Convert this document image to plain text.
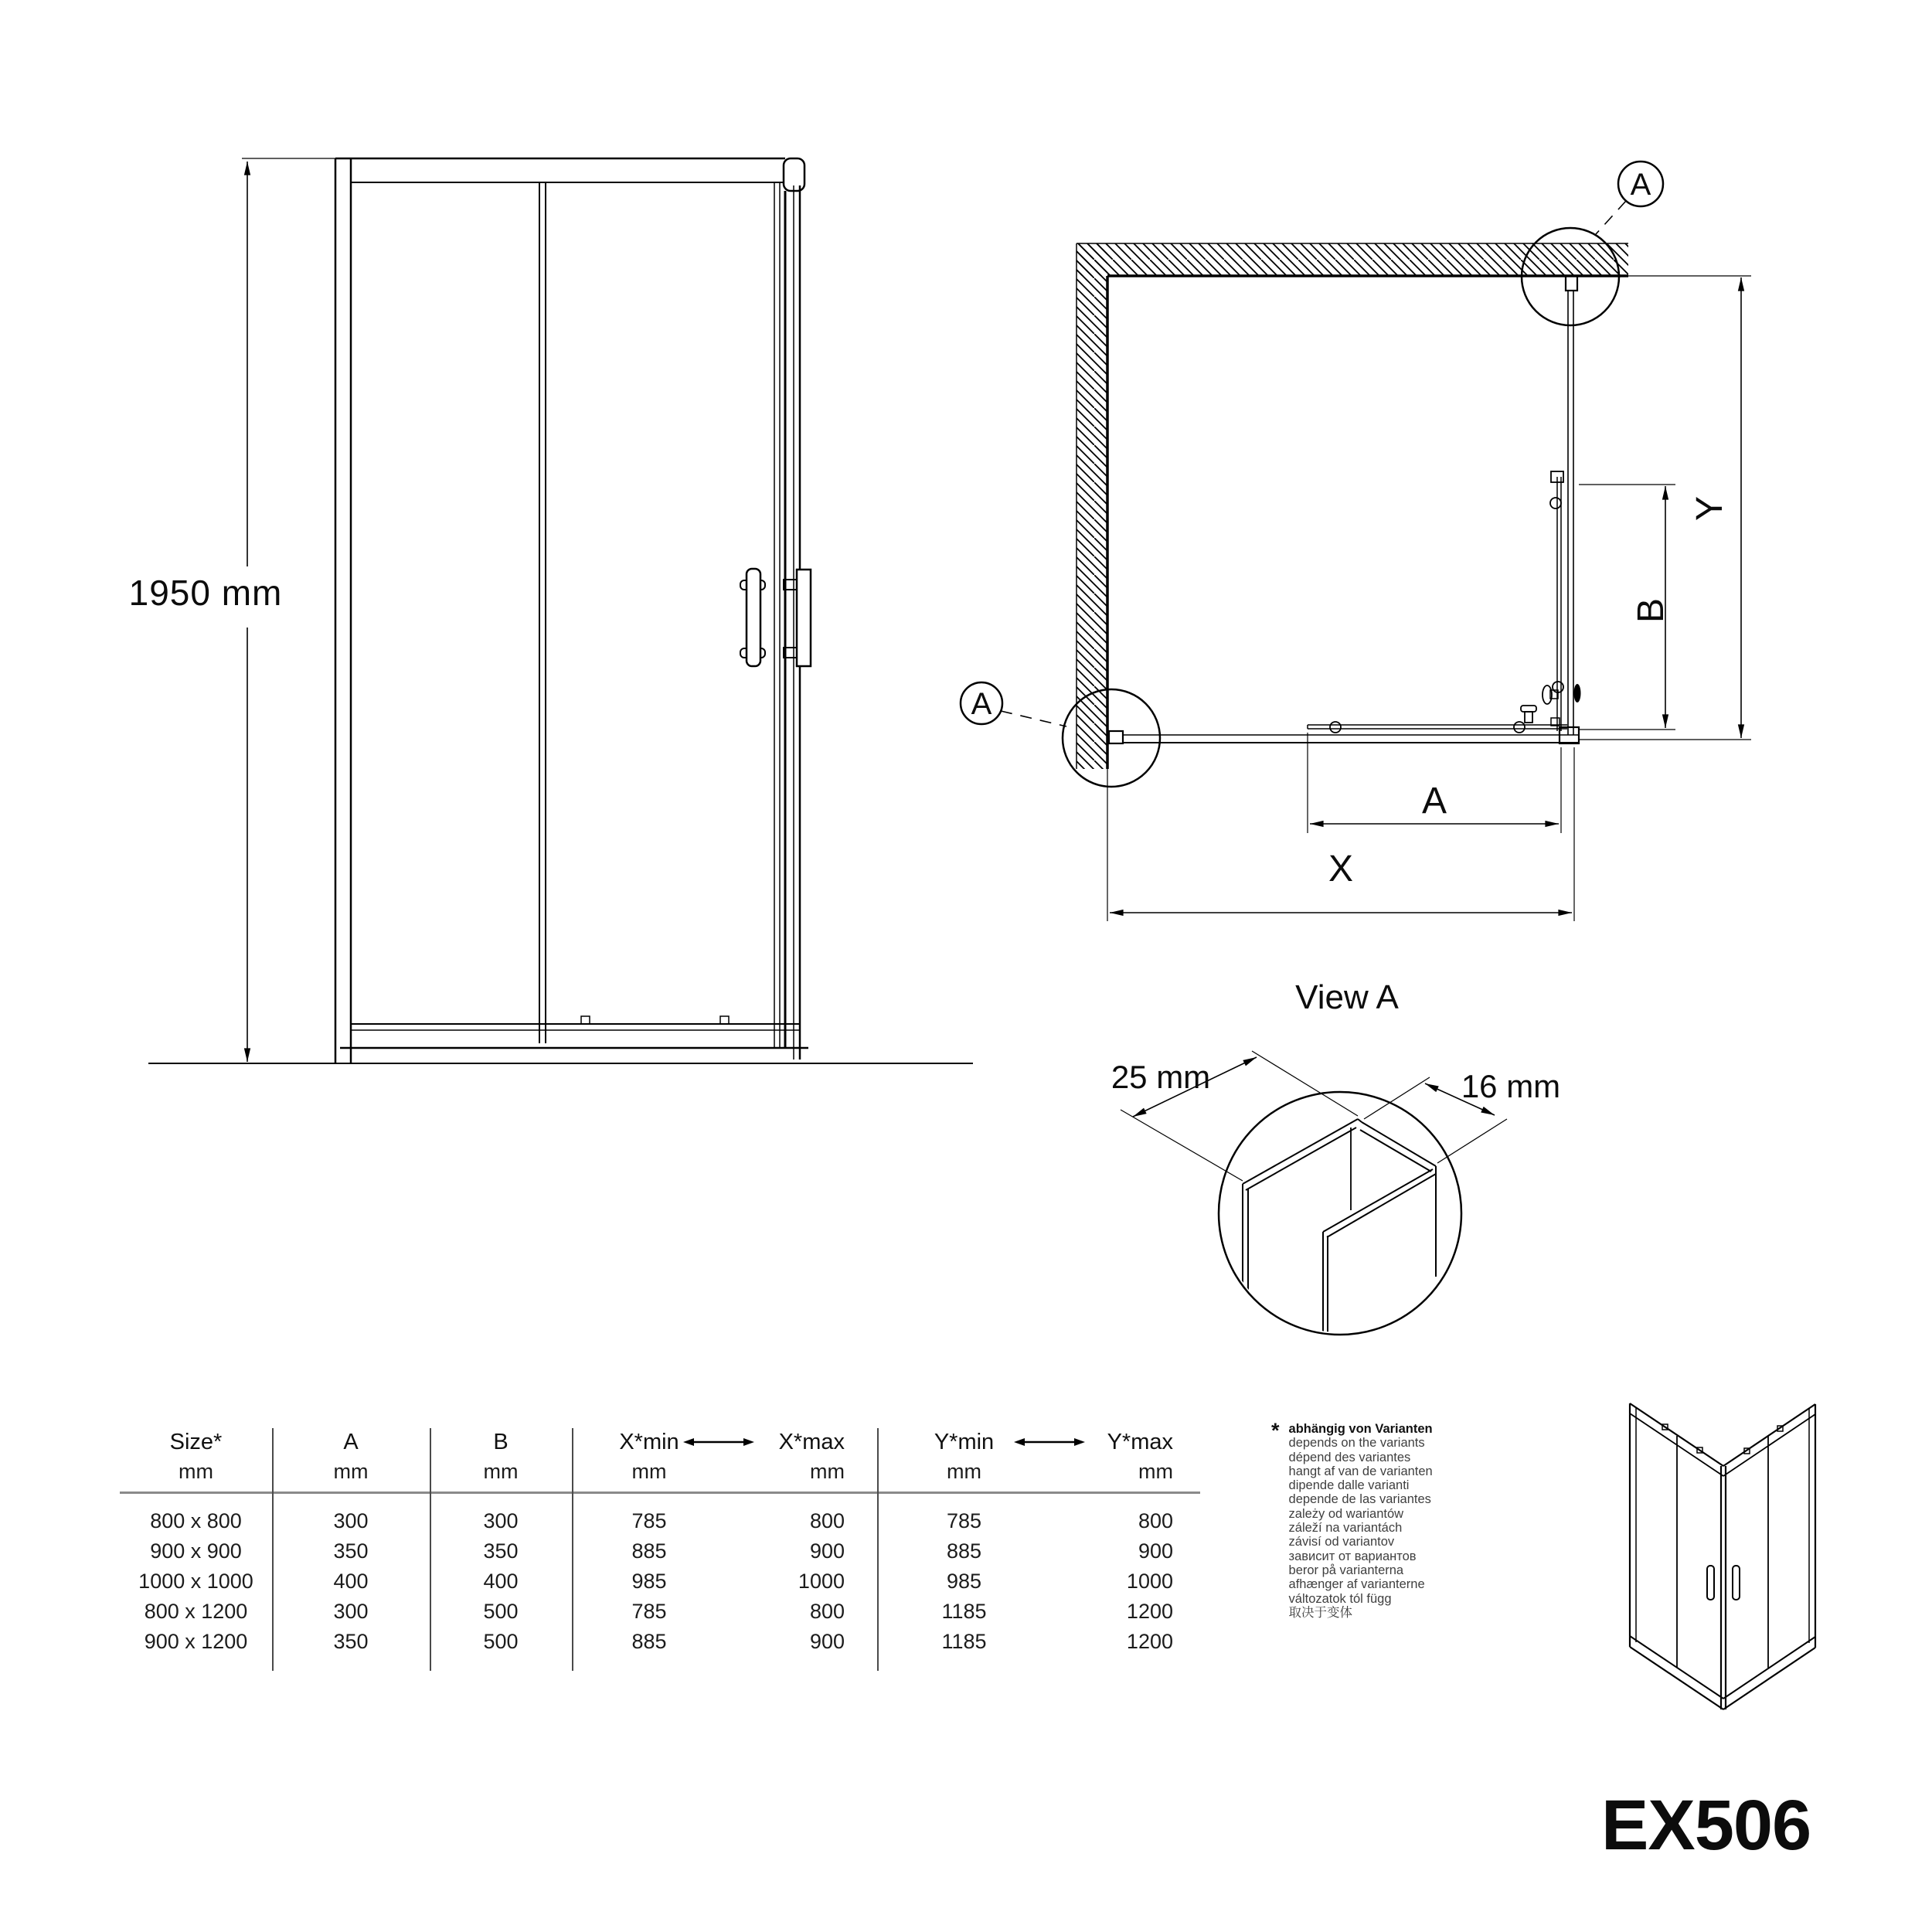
1950 mm
A
Y
B
A
X
A
View A
25 mm	16 mm
Size*	A	B	X*min	X*max	Y*min	Y*max
mm	mm	mm	mm	mm	mm	mm
800 x 800	300	300	785	800	785	800
900 x 900	350	350	885	900	885	900
1000 x 1000	400	400	985	1000	985	1000
800 x 1200	300	500	785	800	1185	1200
900 x 1200	350	500	885	900	1185	1200
* abhängig von Varianten
depends on the variants
dépend des variantes
hangt af van de varianten
dipende dalle varianti
depende de las variantes
zależy od wariantów
záleží na variantách
závisí od variantov
зависит от вариантов
beror på varianterna
afhænger af varianterne
változatok tól függ
取决于变体
EX506
